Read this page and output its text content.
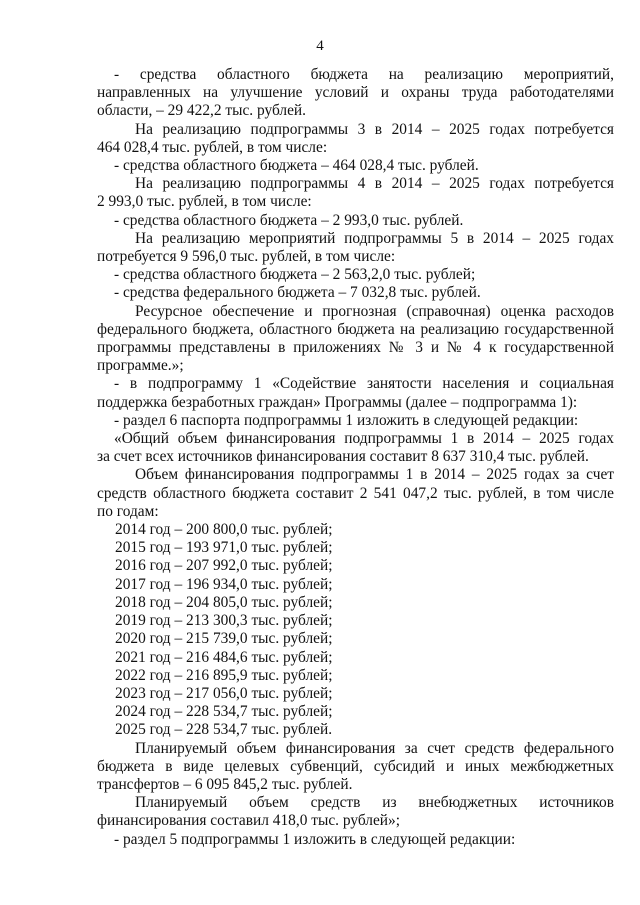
4

- средства областного бюджета на реализацию мероприятий,

направленных на улучшение условий и охраны труда работодателями

области, – 29 422,2 тыс. рублей.

На реализацию подпрограммы 3 в 2014 – 2025 годах потребуется

464 028,4 тыс. рублей, в том числе:

- средства областного бюджета – 464 028,4 тыс. рублей.

На реализацию подпрограммы 4 в 2014 – 2025 годах потребуется

2 993,0 тыс. рублей, в том числе:

- средства областного бюджета – 2 993,0 тыс. рублей.

На реализацию мероприятий подпрограммы 5 в 2014 – 2025 годах

потребуется 9 596,0 тыс. рублей, в том числе:

- средства областного бюджета – 2 563,2,0 тыс. рублей;

- средства федерального бюджета – 7 032,8 тыс. рублей.

Ресурсное обеспечение и прогнозная (справочная) оценка расходов

федерального бюджета, областного бюджета на реализацию государственной

программы представлены в приложениях № 3 и № 4 к государственной

программе.»;

- в подпрограмму 1 «Содействие занятости населения и социальная

поддержка безработных граждан» Программы (далее – подпрограмма 1):

- раздел 6 паспорта подпрограммы 1 изложить в следующей редакции:

«Общий объем финансирования подпрограммы 1 в 2014 – 2025 годах

за счет всех источников финансирования составит 8 637 310,4 тыс. рублей.

Объем финансирования подпрограммы 1 в 2014 – 2025 годах за счет

средств областного бюджета составит 2 541 047,2 тыс. рублей, в том числе

по годам:

2014 год – 200 800,0 тыс. рублей;

2015 год – 193 971,0 тыс. рублей;

2016 год – 207 992,0 тыс. рублей;

2017 год – 196 934,0 тыс. рублей;

2018 год – 204 805,0 тыс. рублей;

2019 год – 213 300,3 тыс. рублей;

2020 год – 215 739,0 тыс. рублей;

2021 год – 216 484,6 тыс. рублей;

2022 год – 216 895,9 тыс. рублей;

2023 год – 217 056,0 тыс. рублей;

2024 год – 228 534,7 тыс. рублей;

2025 год – 228 534,7 тыс. рублей.

Планируемый объем финансирования за счет средств федерального

бюджета в виде целевых субвенций, субсидий и иных межбюджетных

трансфертов – 6 095 845,2 тыс. рублей.

Планируемый объем средств из внебюджетных источников

финансирования составил 418,0 тыс. рублей»;

- раздел 5 подпрограммы 1 изложить в следующей редакции:
